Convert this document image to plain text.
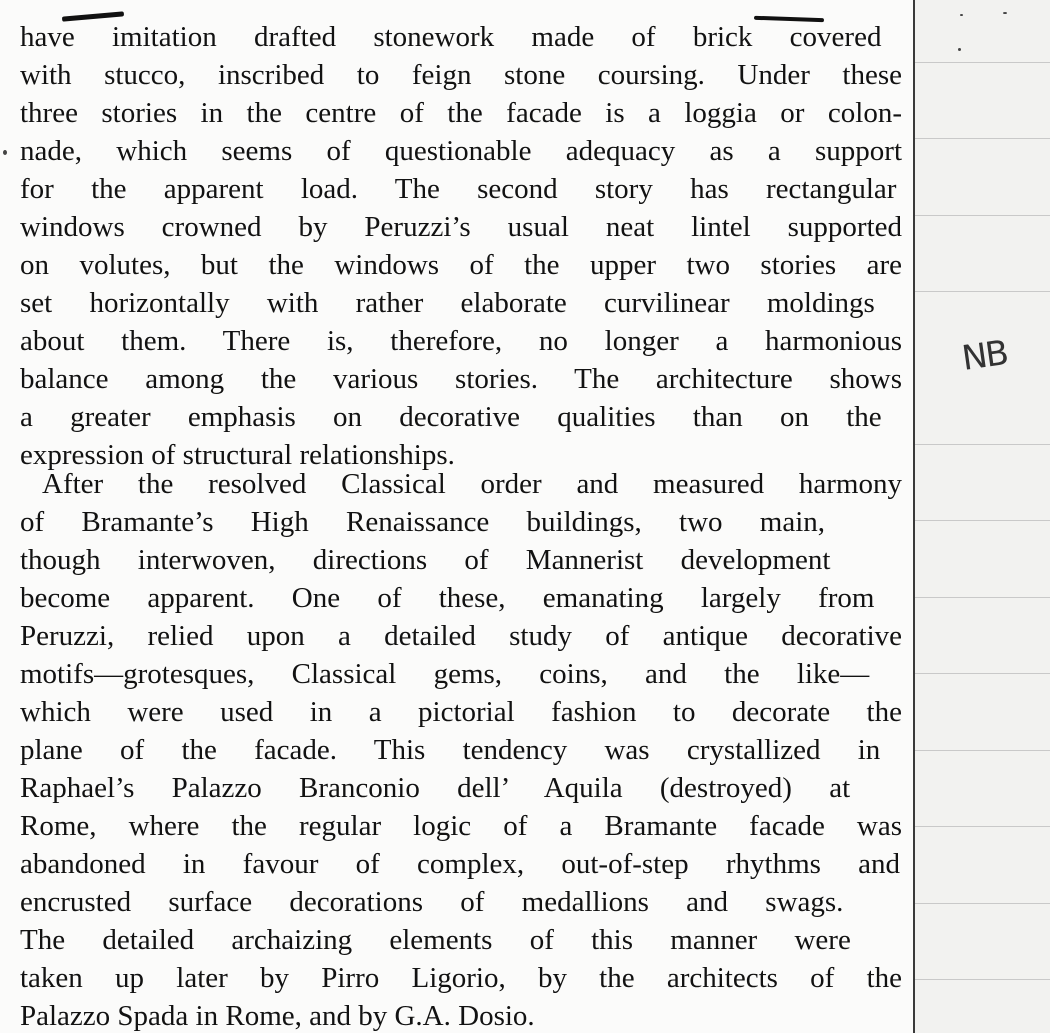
NB

have imitation drafted stonework made of brick covered
with stucco, inscribed to feign stone coursing. Under these
three stories in the centre of the facade is a loggia or colon-
nade, which seems of questionable adequacy as a support
for the apparent load. The second story has rectangular
windows crowned by Peruzzi’s usual neat lintel supported
on volutes, but the windows of the upper two stories are
set horizontally with rather elaborate curvilinear moldings
about them. There is, therefore, no longer a harmonious
balance among the various stories. The architecture shows
a greater emphasis on decorative qualities than on the
expression of structural relationships.

After the resolved Classical order and measured harmony
of Bramante’s High Renaissance buildings, two main,
though interwoven, directions of Mannerist development
become apparent. One of these, emanating largely from
Peruzzi, relied upon a detailed study of antique decorative
motifs—grotesques, Classical gems, coins, and the like—
which were used in a pictorial fashion to decorate the
plane of the facade. This tendency was crystallized in
Raphael’s Palazzo Branconio dell’ Aquila (destroyed) at
Rome, where the regular logic of a Bramante facade was
abandoned in favour of complex, out-of-step rhythms and
encrusted surface decorations of medallions and swags.
The detailed archaizing elements of this manner were
taken up later by Pirro Ligorio, by the architects of the
Palazzo Spada in Rome, and by G.A. Dosio.
